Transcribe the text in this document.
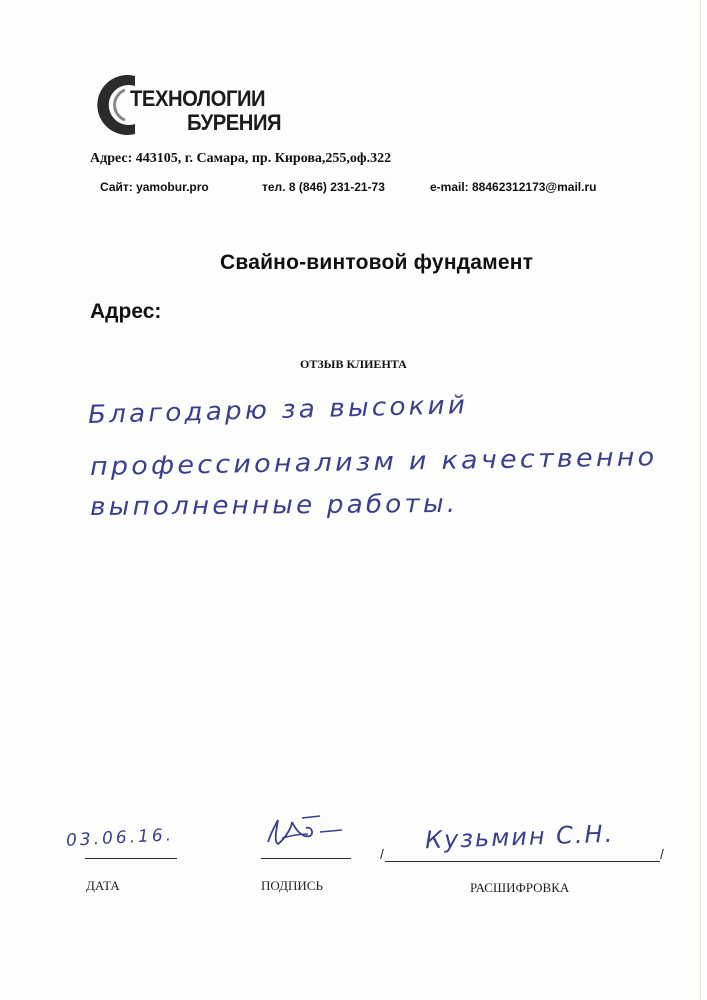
ТЕХНОЛОГИИ
БУРЕНИЯ
Адрес: 443105, г. Самара, пр. Кирова,255,оф.322
Сайт: yamobur.pro	тел. 8 (846) 231-21-73	e-mail: 88462312173@mail.ru
Свайно-винтовой фундамент
Адрес:
ОТЗЫВ КЛИЕНТА
Благодарю за высокий
профессионализм и качественно
выполненные работы.
03.06.16.
ДАТА	ПОДПИСЬ
/ Кузьмин С.Н.	/
РАСШИФРОВКА
